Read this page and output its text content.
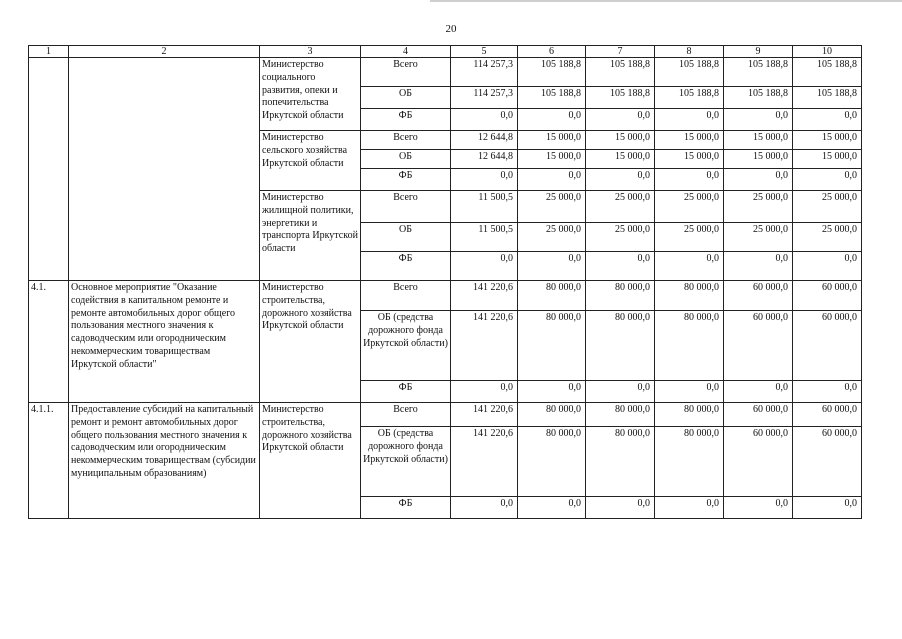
20
1	2	3	4	5	6	7	8	9	10
		Министерство социального развития, опеки и попечительства Иркутской области	Всего	114 257,3	105 188,8	105 188,8	105 188,8	105 188,8	105 188,8
			ОБ	114 257,3	105 188,8	105 188,8	105 188,8	105 188,8	105 188,8
			ФБ	0,0	0,0	0,0	0,0	0,0	0,0
		Министерство сельского хозяйства Иркутской области	Всего	12 644,8	15 000,0	15 000,0	15 000,0	15 000,0	15 000,0
			ОБ	12 644,8	15 000,0	15 000,0	15 000,0	15 000,0	15 000,0
			ФБ	0,0	0,0	0,0	0,0	0,0	0,0
		Министерство жилищной политики, энергетики и транспорта Иркутской области	Всего	11 500,5	25 000,0	25 000,0	25 000,0	25 000,0	25 000,0
			ОБ	11 500,5	25 000,0	25 000,0	25 000,0	25 000,0	25 000,0
			ФБ	0,0	0,0	0,0	0,0	0,0	0,0
4.1.	Основное мероприятие "Оказание содействия в капитальном ремонте и ремонте автомобильных дорог общего пользования местного значения к садоводческим или огородническим некоммерческим товариществам Иркутской области"	Министерство строительства, дорожного хозяйства Иркутской области	Всего	141 220,6	80 000,0	80 000,0	80 000,0	60 000,0	60 000,0
			ОБ (средства дорожного фонда Иркутской области)	141 220,6	80 000,0	80 000,0	80 000,0	60 000,0	60 000,0
			ФБ	0,0	0,0	0,0	0,0	0,0	0,0
4.1.1.	Предоставление субсидий на капитальный ремонт и ремонт автомобильных дорог общего пользования местного значения к садоводческим или огородническим некоммерческим товариществам (субсидии муниципальным образованиям)	Министерство строительства, дорожного хозяйства Иркутской области	Всего	141 220,6	80 000,0	80 000,0	80 000,0	60 000,0	60 000,0
			ОБ (средства дорожного фонда Иркутской области)	141 220,6	80 000,0	80 000,0	80 000,0	60 000,0	60 000,0
			ФБ	0,0	0,0	0,0	0,0	0,0	0,0
